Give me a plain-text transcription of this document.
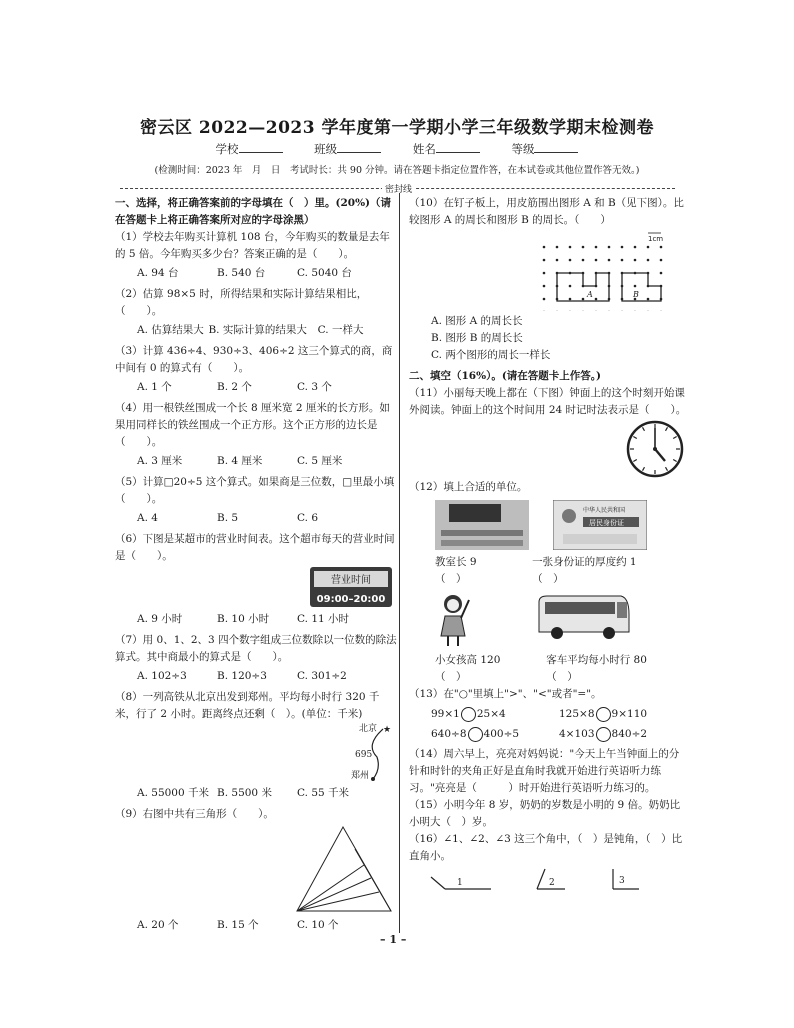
密云区 2022—2023 学年度第一学期小学三年级数学期末检测卷
学校	班级	姓名	等级
(检测时间：2023 年　月　日　考试时长：共 90 分钟。请在答题卡指定位置作答，在本试卷或其他位置作答无效。)
密封线

一、选择，将正确答案前的字母填在（　）里。(20%)（请在答题卡上将正确答案所对应的字母涂黑）

（1）学校去年购买计算机 108 台，今年购买的数量是去年的 5 倍。今年购买多少台？答案正确的是（　　）。

A. 94 台	B. 540 台	C. 5040 台

（2）估算 98×5 时，所得结果和实际计算结果相比，（　　）。

A. 估算结果大 B. 实际计算的结果大	C. 一样大

（3）计算 436÷4、930÷3、406÷2 这三个算式的商，商中间有 0 的算式有（　　）。

A. 1 个	B. 2 个	C. 3 个

（4）用一根铁丝围成一个长 8 厘米宽 2 厘米的长方形。如果用同样长的铁丝围成一个正方形。这个正方形的边长是（　　）。

A. 3 厘米	B. 4 厘米	C. 5 厘米

（5）计算□20÷5 这个算式。如果商是三位数，□里最小填（　　）。

A. 4	B. 5	C. 6

（6）下图是某超市的营业时间表。这个超市每天的营业时间是（　　）。

营业时间
09:00–20:00
A. 9 小时	B. 10 小时	C. 11 小时

（7）用 0、1、2、3 四个数字组成三位数除以一位数的除法算式。其中商最小的算式是（　　）。

A. 102÷3	B. 120÷3	C. 301÷2

（8）一列高铁从北京出发到郑州。平均每小时行 320 千米，行了 2 小时。距离终点还剩（　）。(单位：千米)

★
北京
695
郑州
A. 55000 千米 B. 5500 米	C. 55 千米

（9）右图中共有三角形（　　）。

A. 20 个	B. 15 个	C. 10 个

（10）在钉子板上，用皮筋围出图形 A 和 B（见下图）。比较图形 A 的周长和图形 B 的周长。（　　）

1cm
A	B
A. 图形 A 的周长长
B. 图形 B 的周长长
C. 两个图形的周长一样长

二、填空（16%）。(请在答题卡上作答。)

（11）小丽每天晚上都在（下图）钟面上的这个时刻开始课外阅读。钟面上的这个时间用 24 时记时法表示是（　　）。

（12）填上合适的单位。

中华人民共和国
居民身份证
教室长 9（　）
一张身份证的厚度约 1（　）
小女孩高 120（　）
客车平均每小时行 80（　）

（13）在"○"里填上">"、"<"或者"="。

99×1 25×4	125×8 9×110
640÷8 400÷5	4×103 840÷2

（14）周六早上，亮亮对妈妈说："今天上午当钟面上的分针和时针的夹角正好是直角时我就开始进行英语听力练习。"亮亮是（　　　）时开始进行英语听力练习的。

（15）小明今年 8 岁，奶奶的岁数是小明的 9 倍。奶奶比小明大（　）岁。

（16）∠1、∠2、∠3 这三个角中，（　）是钝角，（　）比直角小。

1	2	3
– 1 –
